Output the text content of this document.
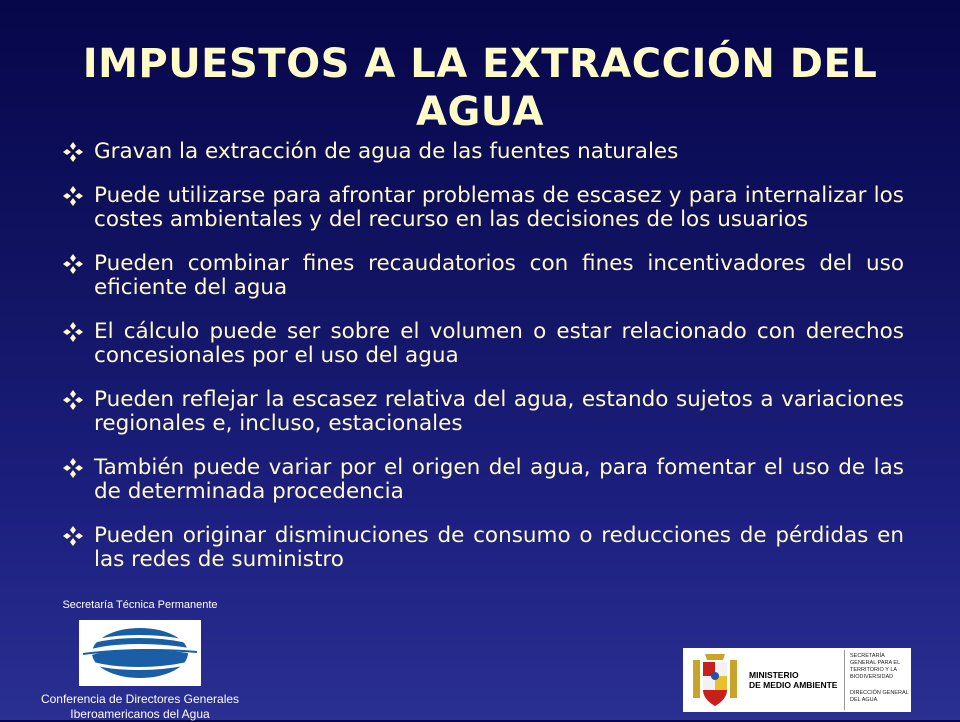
IMPUESTOS A LA EXTRACCIÓN DEL AGUA
Gravan la extracción de agua de las fuentes naturales
Puede utilizarse para afrontar problemas de escasez y para internalizar los costes ambientales y del recurso en las decisiones de los usuarios
Pueden combinar fines recaudatorios con fines incentivadores del uso eficiente del agua
El cálculo puede ser sobre el volumen o estar relacionado con derechos concesionales por el uso del agua
Pueden reflejar la escasez relativa del agua, estando sujetos a variaciones regionales e, incluso, estacionales
También puede variar por el origen del agua, para fomentar el uso de las de determinada procedencia
Pueden originar disminuciones de consumo o reducciones de pérdidas en las redes de suministro
Secretaría Técnica Permanente
Conferencia de Directores Generales
Iberoamericanos del Agua
MINISTERIO
DE MEDIO AMBIENTE
SECRETARÍA GENERAL PARA EL TERRITORIO Y LA BIODIVERSIDAD
DIRECCIÓN GENERAL DEL AGUA
